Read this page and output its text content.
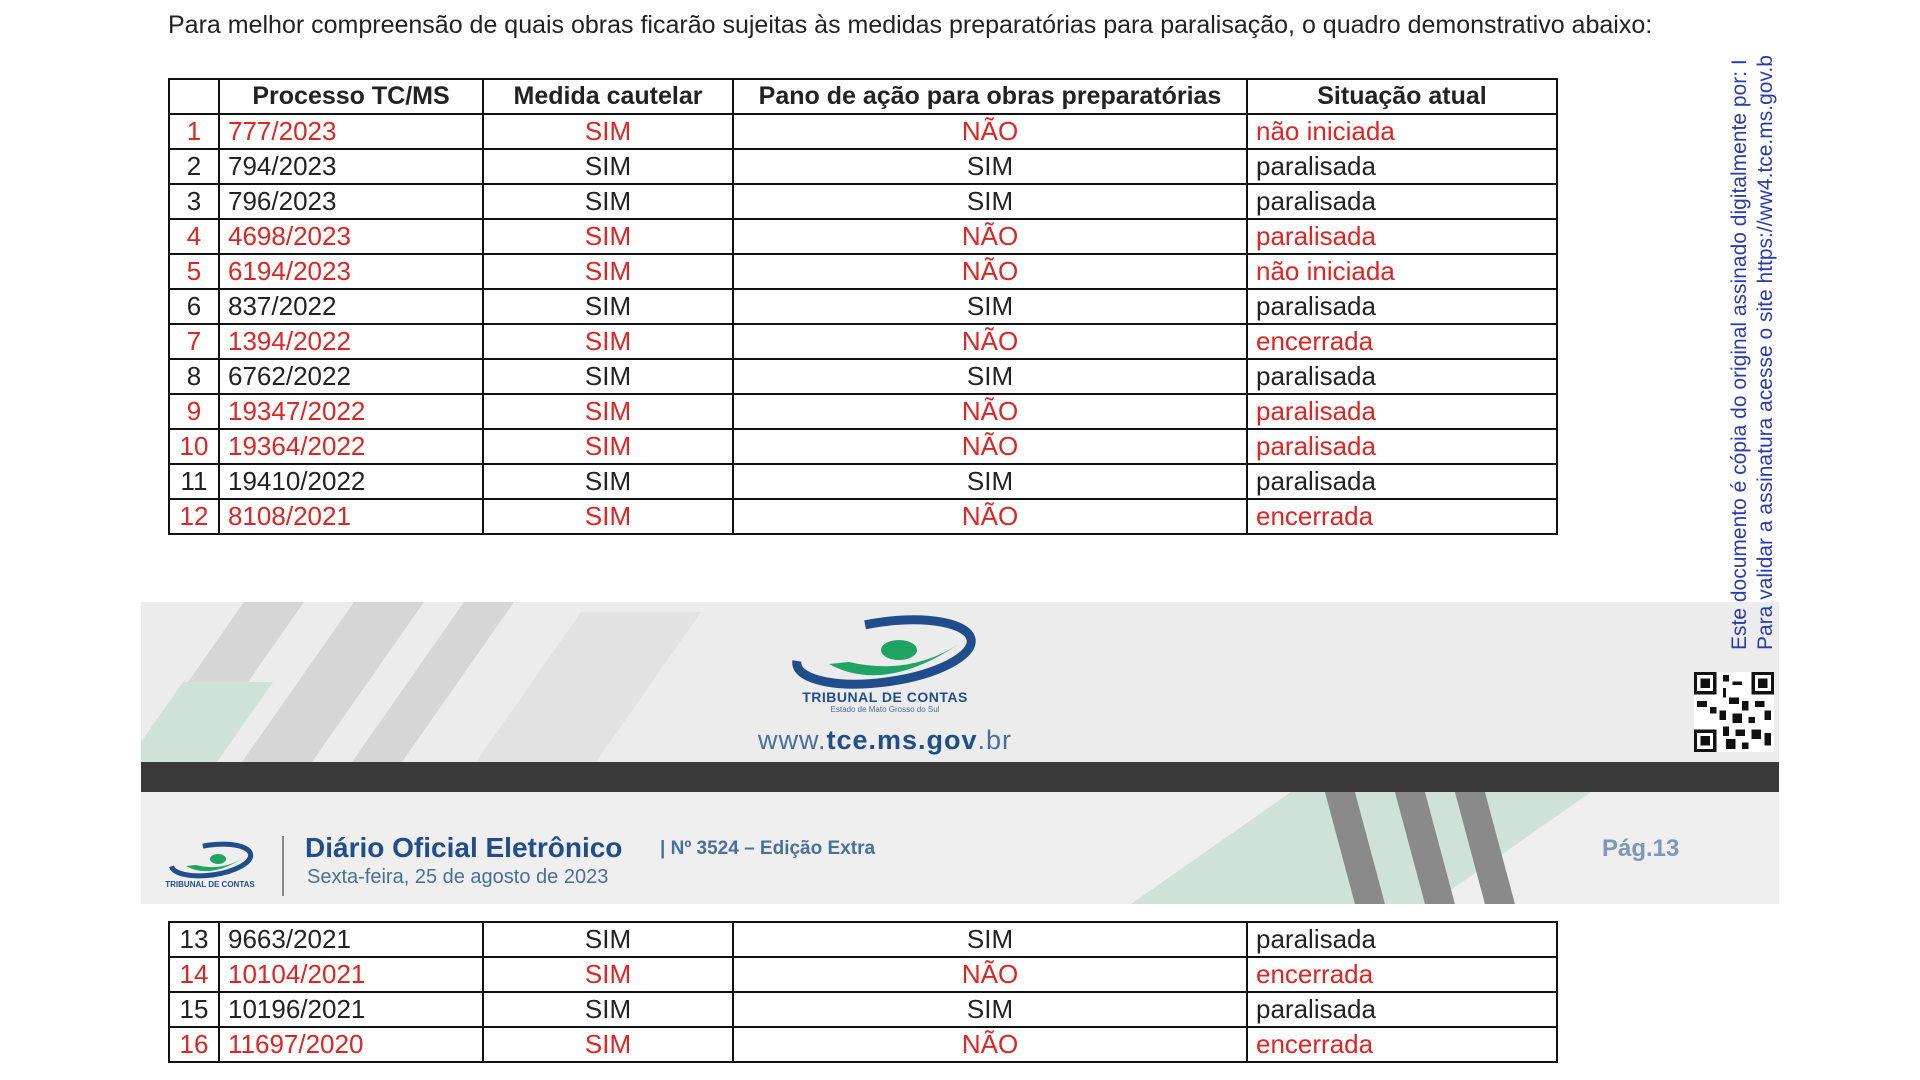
Para melhor compreensão de quais obras ficarão sujeitas às medidas preparatórias para paralisação, o quadro demonstrativo abaixo:
	Processo TC/MS	Medida cautelar	Pano de ação para obras preparatórias	Situação atual
1	777/2023	SIM	NÃO	não iniciada
2	794/2023	SIM	SIM	paralisada
3	796/2023	SIM	SIM	paralisada
4	4698/2023	SIM	NÃO	paralisada
5	6194/2023	SIM	NÃO	não iniciada
6	837/2022	SIM	SIM	paralisada
7	1394/2022	SIM	NÃO	encerrada
8	6762/2022	SIM	SIM	paralisada
9	19347/2022	SIM	NÃO	paralisada
10	19364/2022	SIM	NÃO	paralisada
11	19410/2022	SIM	SIM	paralisada
12	8108/2021	SIM	NÃO	encerrada
TRIBUNAL DE CONTAS
Estado de Mato Grosso do Sul
www.tce.ms.gov.br
TRIBUNAL DE CONTAS
Diário Oficial Eletrônico
Sexta-feira, 25 de agosto de 2023
| Nº 3524 – Edição Extra	Pág.13
13	9663/2021	SIM	SIM	paralisada
14	10104/2021	SIM	NÃO	encerrada
15	10196/2021	SIM	SIM	paralisada
16	11697/2020	SIM	NÃO	encerrada
Este documento é cópia do original assinado digitalmente por: I Para validar a assinatura acesse o site https://ww4.tce.ms.gov.b
